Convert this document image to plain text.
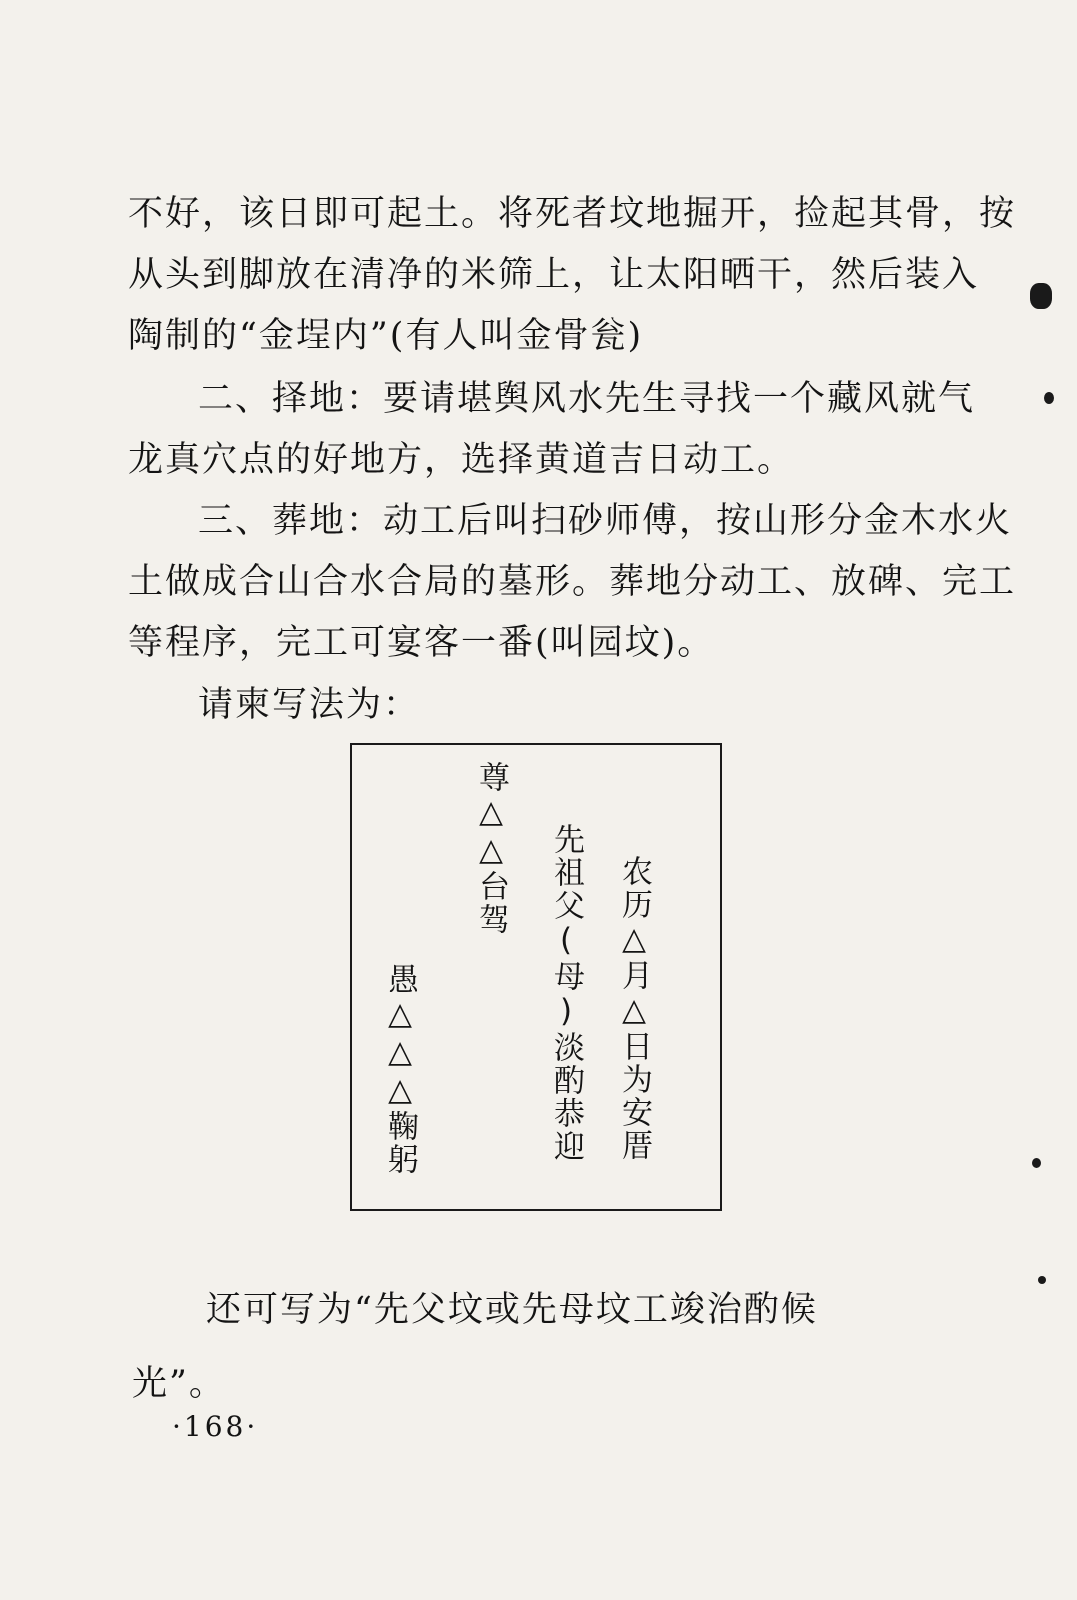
不好，该日即可起土。将死者坟地掘开，捡起其骨，按
从头到脚放在清净的米筛上，让太阳晒干，然后装入
陶制的“金埕内”(有人叫金骨瓮)

二、择地：要请堪舆风水先生寻找一个藏风就气
龙真穴点的好地方，选择黄道吉日动工。

三、葬地：动工后叫扫砂师傅，按山形分金木水火
土做成合山合水合局的墓形。葬地分动工、放碑、完工
等程序，完工可宴客一番(叫园坟)。

请柬写法为：

农历△月△日为安厝
先祖父(母)淡酌恭迎
尊△△台驾
愚△△△鞠躬

还可写为“先父坟或先母坟工竣治酌候

光”。

·168·
